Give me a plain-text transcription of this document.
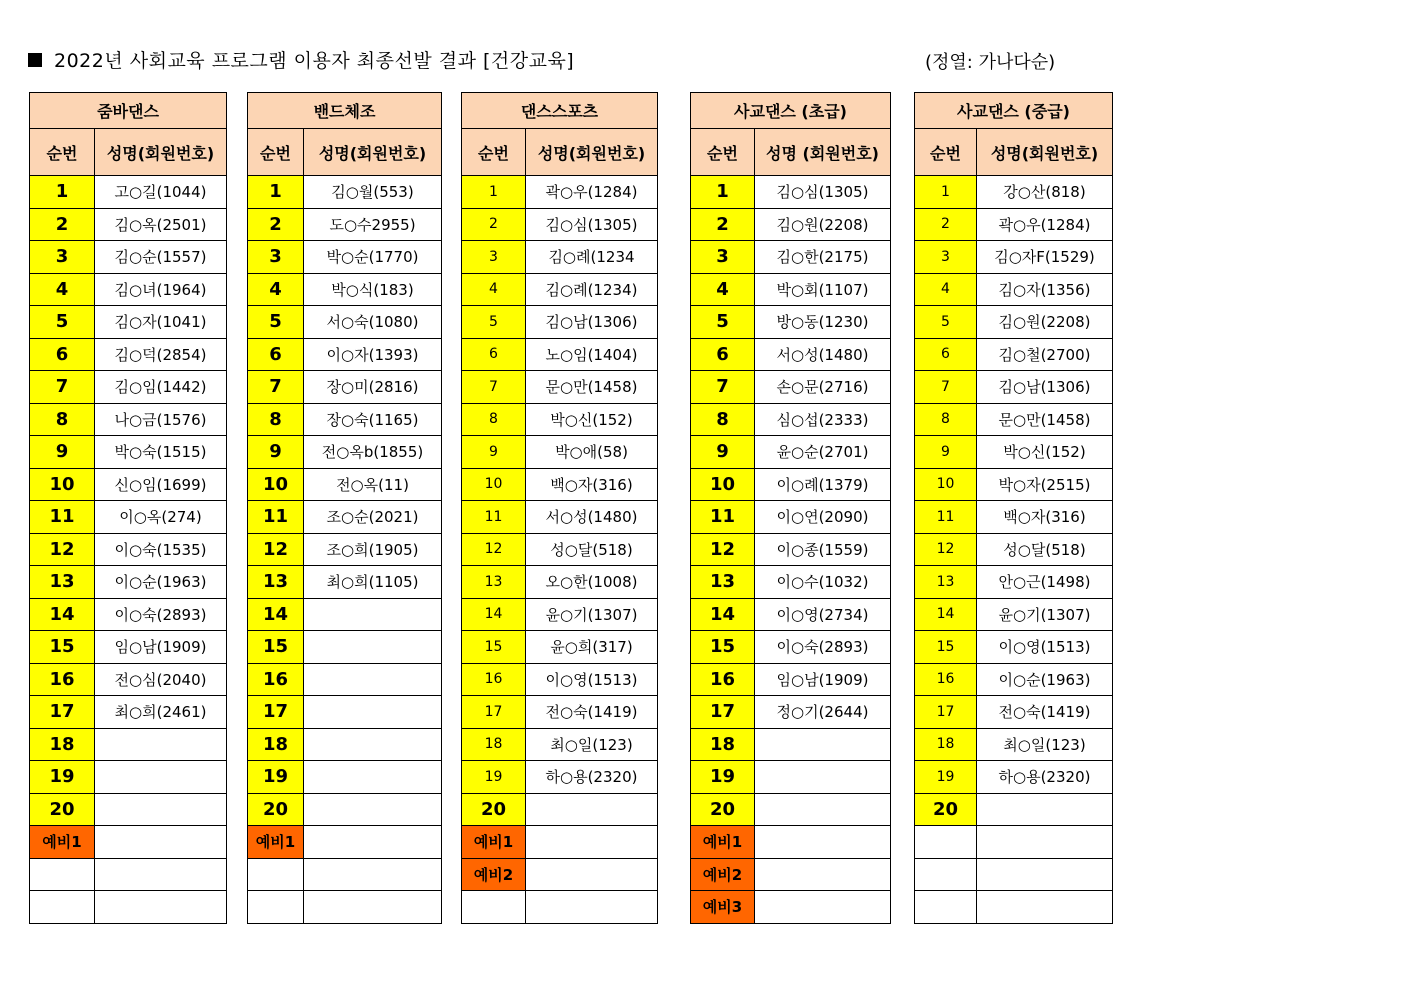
2022년 사회교육 프로그램 이용자 최종선발 결과 [건강교육]	(정열: 가나다순)
줌바댄스	
순번	성명(회원번호)
1	고○길(1044)
2	김○옥(2501)
3	김○순(1557)
4	김○녀(1964)
5	김○자(1041)
6	김○덕(2854)
7	김○임(1442)
8	나○금(1576)
9	박○숙(1515)
10	신○임(1699)
11	이○옥(274)
12	이○숙(1535)
13	이○순(1963)
14	이○숙(2893)
15	임○남(1909)
16	전○심(2040)
17	최○희(2461)
18	
19	
20	
예비1	

밴드체조	
순번	성명(회원번호)
1	김○월(553)
2	도○수2955)
3	박○순(1770)
4	박○식(183)
5	서○숙(1080)
6	이○자(1393)
7	장○미(2816)
8	장○숙(1165)
9	전○옥b(1855)
10	전○옥(11)
11	조○순(2021)
12	조○희(1905)
13	최○희(1105)
14	
15	
16	
17	
18	
19	
20	
예비1	

댄스스포츠	
순번	성명(회원번호)
1	곽○우(1284)
2	김○심(1305)
3	김○례(1234
4	김○례(1234)
5	김○남(1306)
6	노○임(1404)
7	문○만(1458)
8	박○신(152)
9	박○애(58)
10	백○자(316)
11	서○성(1480)
12	성○달(518)
13	오○한(1008)
14	윤○기(1307)
15	윤○희(317)
16	이○영(1513)
17	전○숙(1419)
18	최○일(123)
19	하○용(2320)
20	
예비1	
예비2	

사교댄스 (초급)	
순번	성명 (회원번호)
1	김○심(1305)
2	김○원(2208)
3	김○한(2175)
4	박○회(1107)
5	방○동(1230)
6	서○성(1480)
7	손○문(2716)
8	심○섭(2333)
9	윤○순(2701)
10	이○례(1379)
11	이○연(2090)
12	이○종(1559)
13	이○수(1032)
14	이○영(2734)
15	이○숙(2893)
16	임○남(1909)
17	정○기(2644)
18	
19	
20	
예비1	
예비2	
예비3	
사교댄스 (중급)	
순번	성명(회원번호)
1	강○산(818)
2	곽○우(1284)
3	김○자F(1529)
4	김○자(1356)
5	김○원(2208)
6	김○철(2700)
7	김○남(1306)
8	문○만(1458)
9	박○신(152)
10	박○자(2515)
11	백○자(316)
12	성○달(518)
13	안○근(1498)
14	윤○기(1307)
15	이○영(1513)
16	이○순(1963)
17	전○숙(1419)
18	최○일(123)
19	하○용(2320)
20	
